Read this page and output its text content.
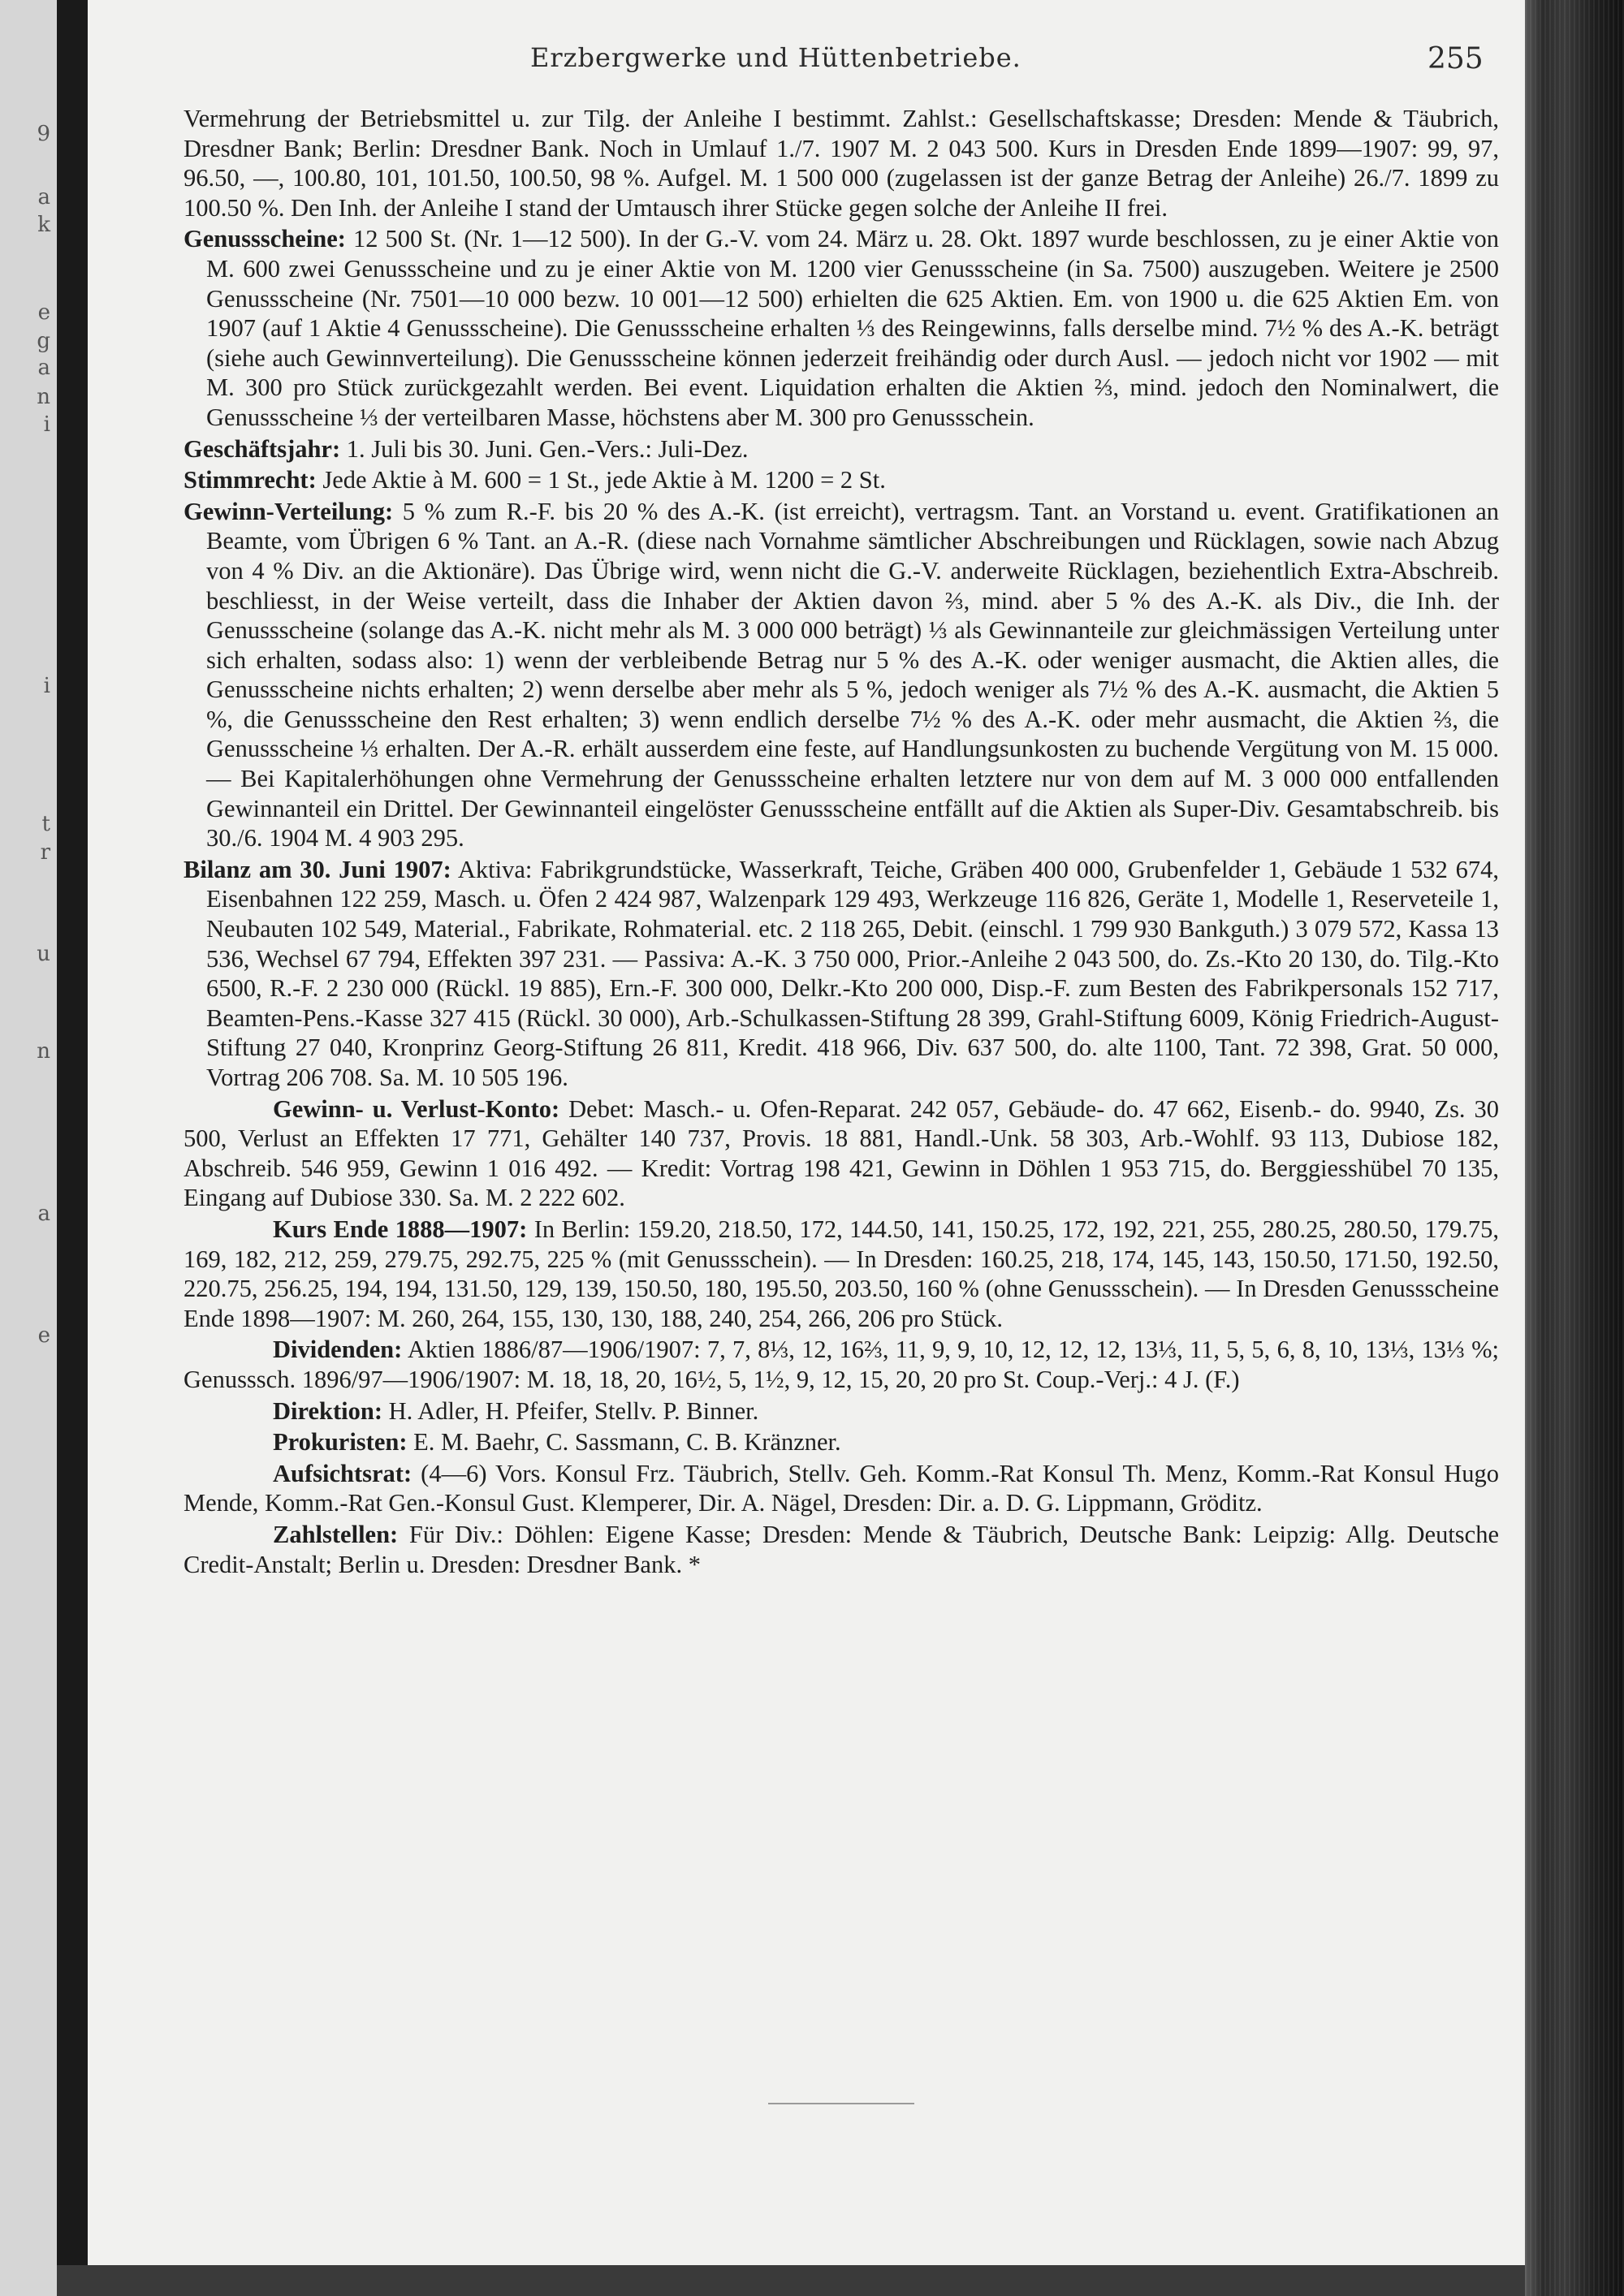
9
a
k
e
g
a
n
i
i
t
r
u
n
a
e
Erzbergwerke und Hüttenbetriebe.	255

Vermehrung der Betriebsmittel u. zur Tilg. der Anleihe I bestimmt. Zahlst.: Gesellschaftskasse; Dresden: Mende & Täubrich, Dresdner Bank; Berlin: Dresdner Bank. Noch in Umlauf 1./7. 1907 M. 2 043 500. Kurs in Dresden Ende 1899—1907: 99, 97, 96.50, —, 100.80, 101, 101.50, 100.50, 98 %. Aufgel. M. 1 500 000 (zugelassen ist der ganze Betrag der Anleihe) 26./7. 1899 zu 100.50 %. Den Inh. der Anleihe I stand der Umtausch ihrer Stücke gegen solche der Anleihe II frei.

Genussscheine: 12 500 St. (Nr. 1—12 500). In der G.-V. vom 24. März u. 28. Okt. 1897 wurde beschlossen, zu je einer Aktie von M. 600 zwei Genussscheine und zu je einer Aktie von M. 1200 vier Genussscheine (in Sa. 7500) auszugeben. Weitere je 2500 Genussscheine (Nr. 7501—10 000 bezw. 10 001—12 500) erhielten die 625 Aktien. Em. von 1900 u. die 625 Aktien Em. von 1907 (auf 1 Aktie 4 Genussscheine). Die Genussscheine erhalten ⅓ des Reingewinns, falls derselbe mind. 7½ % des A.-K. beträgt (siehe auch Gewinnverteilung). Die Genussscheine können jederzeit freihändig oder durch Ausl. — jedoch nicht vor 1902 — mit M. 300 pro Stück zurückgezahlt werden. Bei event. Liquidation erhalten die Aktien ⅔, mind. jedoch den Nominalwert, die Genussscheine ⅓ der verteilbaren Masse, höchstens aber M. 300 pro Genussschein.

Geschäftsjahr: 1. Juli bis 30. Juni. Gen.-Vers.: Juli-Dez.

Stimmrecht: Jede Aktie à M. 600 = 1 St., jede Aktie à M. 1200 = 2 St.

Gewinn-Verteilung: 5 % zum R.-F. bis 20 % des A.-K. (ist erreicht), vertragsm. Tant. an Vorstand u. event. Gratifikationen an Beamte, vom Übrigen 6 % Tant. an A.-R. (diese nach Vornahme sämtlicher Abschreibungen und Rücklagen, sowie nach Abzug von 4 % Div. an die Aktionäre). Das Übrige wird, wenn nicht die G.-V. anderweite Rücklagen, beziehentlich Extra-Abschreib. beschliesst, in der Weise verteilt, dass die Inhaber der Aktien davon ⅔, mind. aber 5 % des A.-K. als Div., die Inh. der Genussscheine (solange das A.-K. nicht mehr als M. 3 000 000 beträgt) ⅓ als Gewinnanteile zur gleichmässigen Verteilung unter sich erhalten, sodass also: 1) wenn der verbleibende Betrag nur 5 % des A.-K. oder weniger ausmacht, die Aktien alles, die Genussscheine nichts erhalten; 2) wenn derselbe aber mehr als 5 %, jedoch weniger als 7½ % des A.-K. ausmacht, die Aktien 5 %, die Genussscheine den Rest erhalten; 3) wenn endlich derselbe 7½ % des A.-K. oder mehr ausmacht, die Aktien ⅔, die Genussscheine ⅓ erhalten. Der A.-R. erhält ausserdem eine feste, auf Handlungsunkosten zu buchende Vergütung von M. 15 000. — Bei Kapitalerhöhungen ohne Vermehrung der Genussscheine erhalten letztere nur von dem auf M. 3 000 000 entfallenden Gewinnanteil ein Drittel. Der Gewinnanteil eingelöster Genussscheine entfällt auf die Aktien als Super-Div. Gesamtabschreib. bis 30./6. 1904 M. 4 903 295.

Bilanz am 30. Juni 1907: Aktiva: Fabrikgrundstücke, Wasserkraft, Teiche, Gräben 400 000, Grubenfelder 1, Gebäude 1 532 674, Eisenbahnen 122 259, Masch. u. Öfen 2 424 987, Walzenpark 129 493, Werkzeuge 116 826, Geräte 1, Modelle 1, Reserveteile 1, Neubauten 102 549, Material., Fabrikate, Rohmaterial. etc. 2 118 265, Debit. (einschl. 1 799 930 Bankguth.) 3 079 572, Kassa 13 536, Wechsel 67 794, Effekten 397 231. — Passiva: A.-K. 3 750 000, Prior.-Anleihe 2 043 500, do. Zs.-Kto 20 130, do. Tilg.-Kto 6500, R.-F. 2 230 000 (Rückl. 19 885), Ern.-F. 300 000, Delkr.-Kto 200 000, Disp.-F. zum Besten des Fabrikpersonals 152 717, Beamten-Pens.-Kasse 327 415 (Rückl. 30 000), Arb.-Schulkassen-Stiftung 28 399, Grahl-Stiftung 6009, König Friedrich-August-Stiftung 27 040, Kronprinz Georg-Stiftung 26 811, Kredit. 418 966, Div. 637 500, do. alte 1100, Tant. 72 398, Grat. 50 000, Vortrag 206 708. Sa. M. 10 505 196.

Gewinn- u. Verlust-Konto: Debet: Masch.- u. Ofen-Reparat. 242 057, Gebäude- do. 47 662, Eisenb.- do. 9940, Zs. 30 500, Verlust an Effekten 17 771, Gehälter 140 737, Provis. 18 881, Handl.-Unk. 58 303, Arb.-Wohlf. 93 113, Dubiose 182, Abschreib. 546 959, Gewinn 1 016 492. — Kredit: Vortrag 198 421, Gewinn in Döhlen 1 953 715, do. Berggiesshübel 70 135, Eingang auf Dubiose 330. Sa. M. 2 222 602.

Kurs Ende 1888—1907: In Berlin: 159.20, 218.50, 172, 144.50, 141, 150.25, 172, 192, 221, 255, 280.25, 280.50, 179.75, 169, 182, 212, 259, 279.75, 292.75, 225 % (mit Genussschein). — In Dresden: 160.25, 218, 174, 145, 143, 150.50, 171.50, 192.50, 220.75, 256.25, 194, 194, 131.50, 129, 139, 150.50, 180, 195.50, 203.50, 160 % (ohne Genussschein). — In Dresden Genussscheine Ende 1898—1907: M. 260, 264, 155, 130, 130, 188, 240, 254, 266, 206 pro Stück.

Dividenden: Aktien 1886/87—1906/1907: 7, 7, 8⅓, 12, 16⅔, 11, 9, 9, 10, 12, 12, 12, 13⅓, 11, 5, 5, 6, 8, 10, 13⅓, 13⅓ %; Genusssch. 1896/97—1906/1907: M. 18, 18, 20, 16½, 5, 1½, 9, 12, 15, 20, 20 pro St. Coup.-Verj.: 4 J. (F.)

Direktion: H. Adler, H. Pfeifer, Stellv. P. Binner.

Prokuristen: E. M. Baehr, C. Sassmann, C. B. Kränzner.

Aufsichtsrat: (4—6) Vors. Konsul Frz. Täubrich, Stellv. Geh. Komm.-Rat Konsul Th. Menz, Komm.-Rat Konsul Hugo Mende, Komm.-Rat Gen.-Konsul Gust. Klemperer, Dir. A. Nägel, Dresden: Dir. a. D. G. Lippmann, Gröditz.

Zahlstellen: Für Div.: Döhlen: Eigene Kasse; Dresden: Mende & Täubrich, Deutsche Bank: Leipzig: Allg. Deutsche Credit-Anstalt; Berlin u. Dresden: Dresdner Bank. *
